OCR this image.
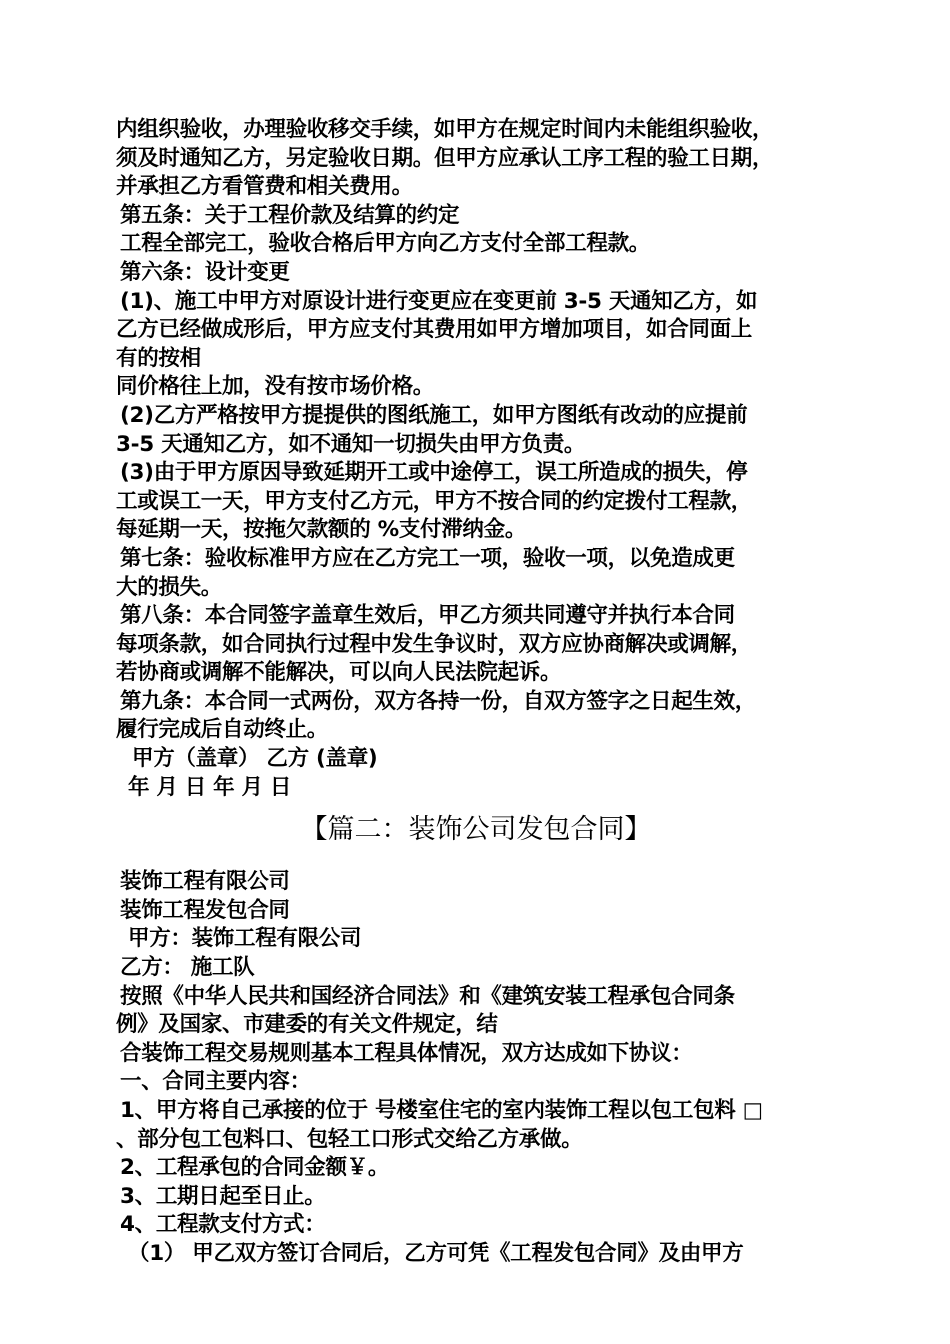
内组织验收，办理验收移交手续，如甲方在规定时间内未能组织验收，

须及时通知乙方，另定验收日期。但甲方应承认工序工程的验工日期，

并承担乙方看管费和相关费用。

第五条：关于工程价款及结算的约定

工程全部完工，验收合格后甲方向乙方支付全部工程款。

第六条：设计变更

(1)、施工中甲方对原设计进行变更应在变更前 3-5 天通知乙方，如

乙方已经做成形后，甲方应支付其费用如甲方增加项目，如合同面上

有的按相

同价格往上加，没有按市场价格。

(2)乙方严格按甲方提提供的图纸施工，如甲方图纸有改动的应提前

3-5 天通知乙方，如不通知一切损失由甲方负责。

(3)由于甲方原因导致延期开工或中途停工，误工所造成的损失，停

工或误工一天，甲方支付乙方元，甲方不按合同的约定拨付工程款，

每延期一天，按拖欠款额的 %支付滞纳金。

第七条：验收标准甲方应在乙方完工一项，验收一项，以免造成更

大的损失。

第八条：本合同签字盖章生效后，甲乙方须共同遵守并执行本合同

每项条款，如合同执行过程中发生争议时，双方应协商解决或调解，

若协商或调解不能解决，可以向人民法院起诉。

第九条：本合同一式两份，双方各持一份，自双方签字之日起生效，

履行完成后自动终止。

甲方（盖章） 乙方 (盖章)

年 月 日 年 月 日

【篇二：装饰公司发包合同】

装饰工程有限公司

装饰工程发包合同

甲方：装饰工程有限公司

乙方： 施工队

按照《中华人民共和国经济合同法》和《建筑安装工程承包合同条

例》及国家、市建委的有关文件规定，结

合装饰工程交易规则基本工程具体情况，双方达成如下协议：

一、合同主要内容：

1、甲方将自己承接的位于 号楼室住宅的室内装饰工程以包工包料 □

、部分包工包料口、包轻工口形式交给乙方承做。

2、工程承包的合同金额￥。

3、工期日起至日止。

4、工程款支付方式：

（1） 甲乙双方签订合同后，乙方可凭《工程发包合同》及由甲方
